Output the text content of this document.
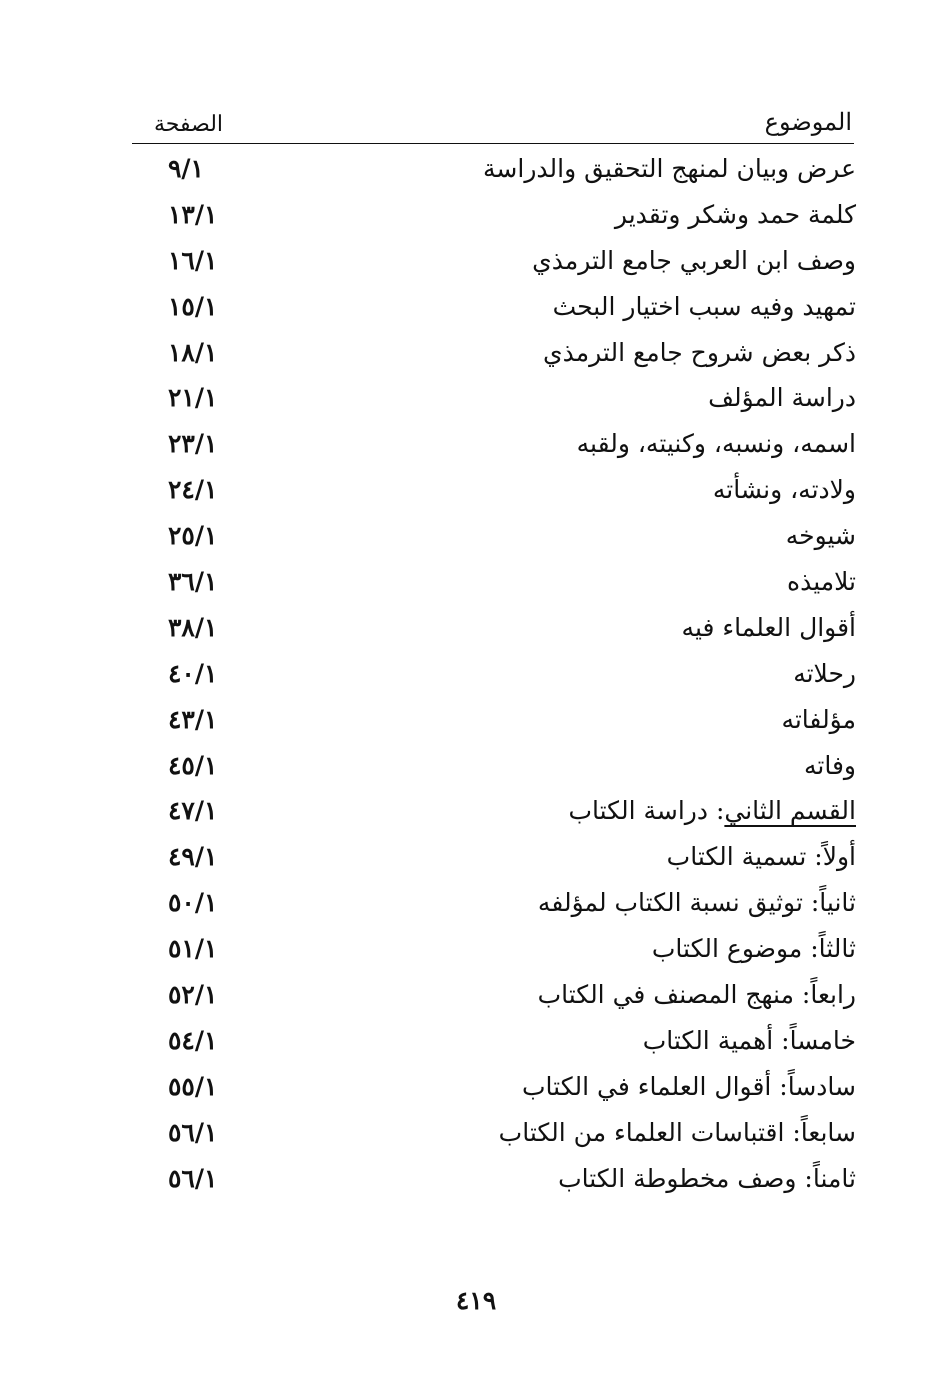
الموضوع
الصفحة
عرض وبيان لمنهج التحقيق والدراسة
٩/١
كلمة حمد وشكر وتقدير
١٣/١
وصف ابن العربي جامع الترمذي
١٦/١
تمهيد وفيه سبب اختيار البحث
١٥/١
ذكر بعض شروح جامع الترمذي
١٨/١
دراسة المؤلف
٢١/١
اسمه، ونسبه، وكنيته، ولقبه
٢٣/١
ولادته، ونشأته
٢٤/١
شيوخه
٢٥/١
تلاميذه
٣٦/١
أقوال العلماء فيه
٣٨/١
رحلاته
٤٠/١
مؤلفاته
٤٣/١
وفاته
٤٥/١
القسم الثاني: دراسة الكتاب
٤٧/١
أولاً: تسمية الكتاب
٤٩/١
ثانياً: توثيق نسبة الكتاب لمؤلفه
٥٠/١
ثالثاً: موضوع الكتاب
٥١/١
رابعاً: منهج المصنف في الكتاب
٥٢/١
خامساً: أهمية الكتاب
٥٤/١
سادساً: أقوال العلماء في الكتاب
٥٥/١
سابعاً: اقتباسات العلماء من الكتاب
٥٦/١
ثامناً: وصف مخطوطة الكتاب
٥٦/١
٤١٩
